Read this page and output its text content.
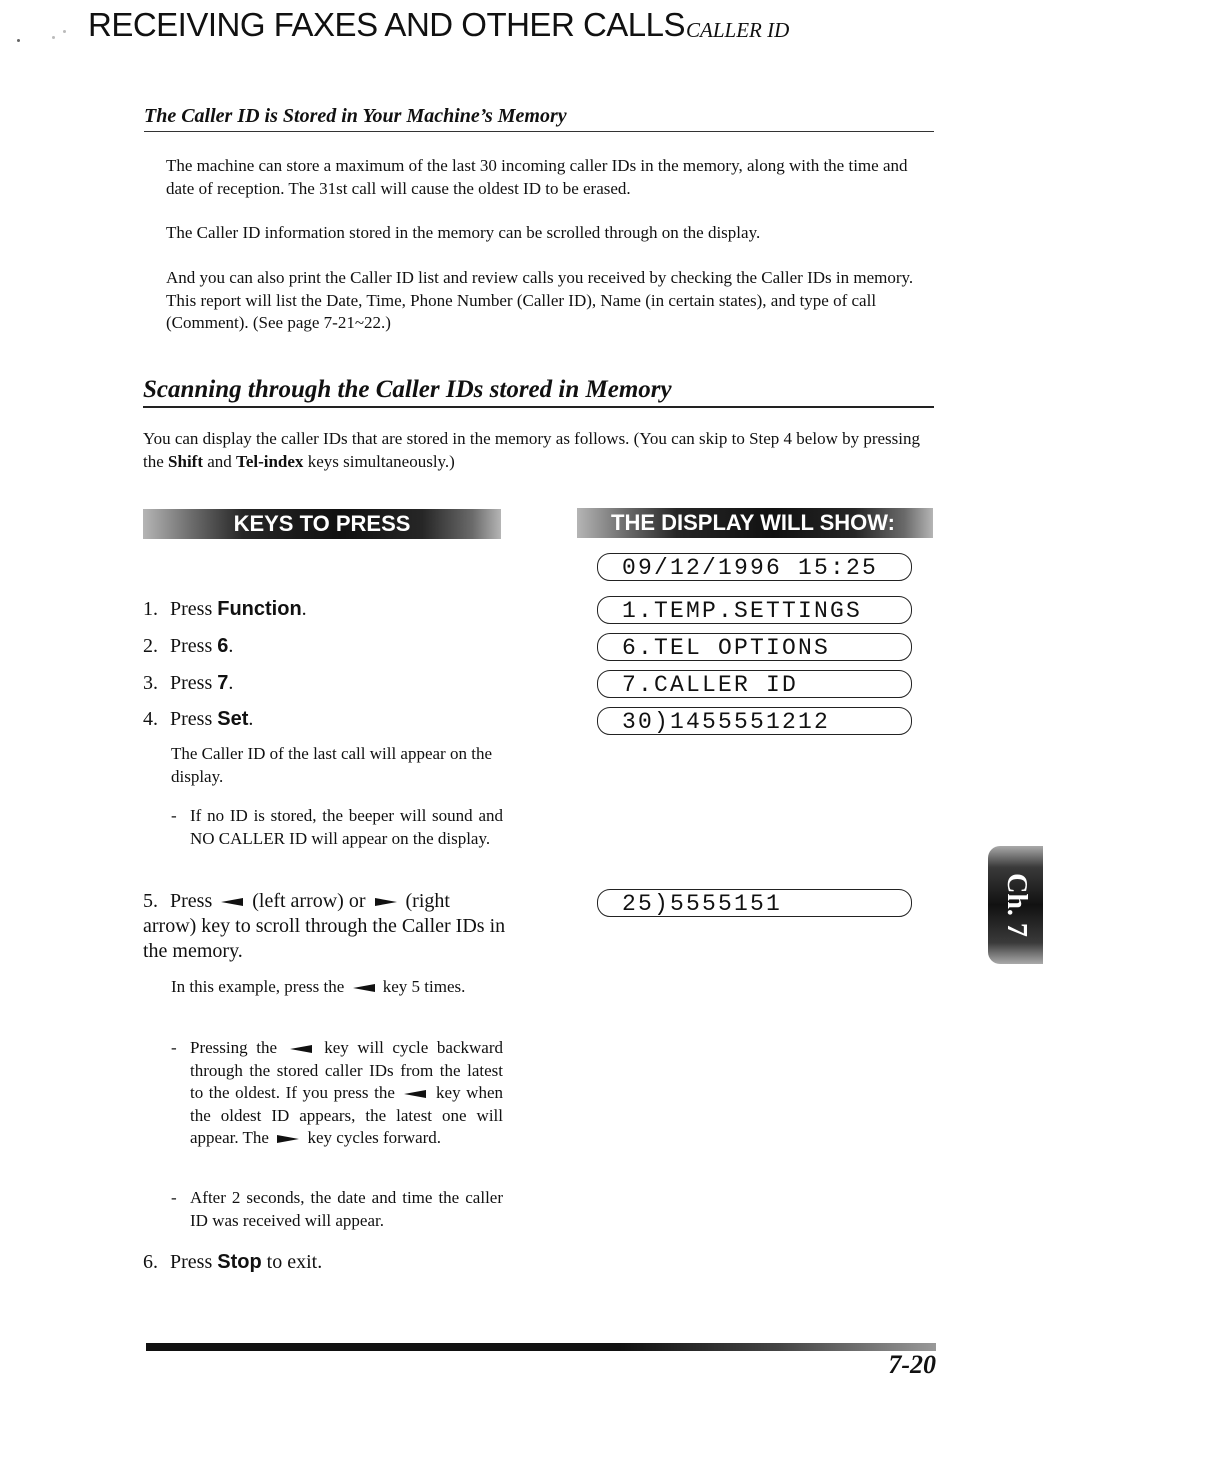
RECEIVING FAXES AND OTHER CALLS CALLER ID
The Caller ID is Stored in Your Machine’s Memory
The machine can store a maximum of the last 30 incoming caller IDs in the memory, along with the time and date of reception. The 31st call will cause the oldest ID to be erased.
The Caller ID information stored in the memory can be scrolled through on the display.
And you can also print the Caller ID list and review calls you received by checking the Caller IDs in memory. This report will list the Date, Time, Phone Number (Caller ID), Name (in certain states), and type of call (Comment). (See page 7-21~22.)
Scanning through the Caller IDs stored in Memory
You can display the caller IDs that are stored in the memory as follows. (You can skip to Step 4 below by pressing the Shift and Tel-index keys simultaneously.)
KEYS TO PRESS	THE DISPLAY WILL SHOW:
09/12/1996 15:25
1.TEMP.SETTINGS
6.TEL OPTIONS
7.CALLER ID
30)1455551212
25)5555151
1. Press Function.
2. Press 6.
3. Press 7.
4. Press Set.
The Caller ID of the last call will appear on the display.
- If no ID is stored, the beeper will sound and NO CALLER ID will appear on the display.
5. Press  (left arrow) or  (right arrow) key to scroll through the Caller IDs in the memory.
In this example, press the  key 5 times.
- Pressing the  key will cycle backward through the stored caller IDs from the latest to the oldest. If you press the  key when the oldest ID appears, the latest one will appear. The  key cycles forward.
- After 2 seconds, the date and time the caller ID was received will appear.
6. Press Stop to exit.
Ch. 7
7-20
